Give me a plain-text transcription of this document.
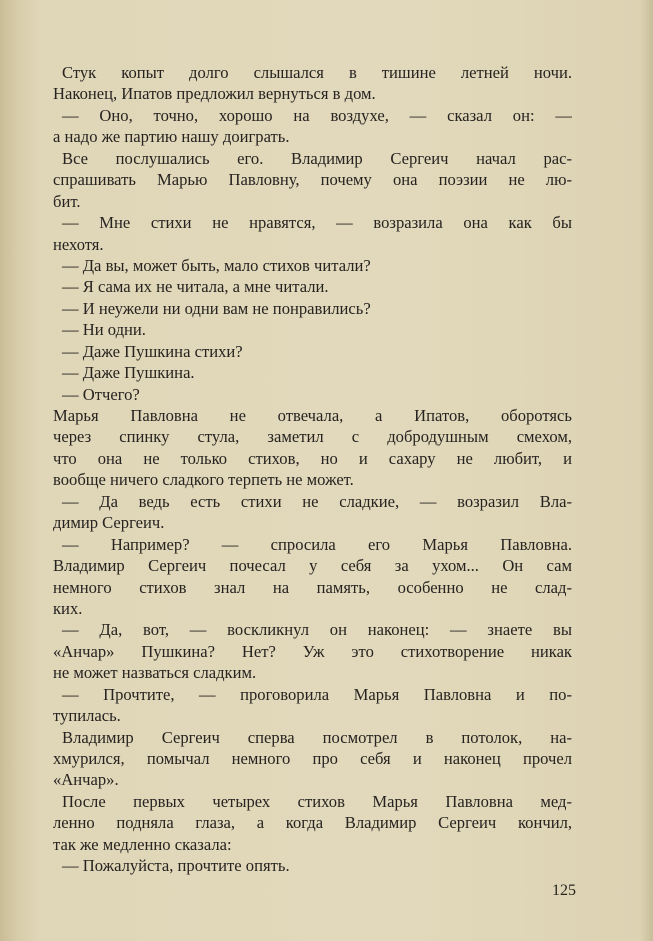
Стук копыт долго слышался в тишине летней ночи.
Наконец, Ипатов предложил вернуться в дом.
— Оно, точно, хорошо на воздухе, — сказал он: —
а надо же партию нашу доиграть.
Все послушались его. Владимир Сергеич начал рас-
спрашивать Марью Павловну, почему она поэзии не лю-
бит.
— Мне стихи не нравятся, — возразила она как бы
нехотя.
— Да вы, может быть, мало стихов читали?
— Я сама их не читала, а мне читали.
— И неужели ни одни вам не понравились?
— Ни одни.
— Даже Пушкина стихи?
— Даже Пушкина.
— Отчего?
Марья Павловна не отвечала, а Ипатов, оборотясь
через спинку стула, заметил с добродушным смехом,
что она не только стихов, но и сахару не любит, и
вообще ничего сладкого терпеть не может.
— Да ведь есть стихи не сладкие, — возразил Вла-
димир Сергеич.
— Например? — спросила его Марья Павловна.
Владимир Сергеич почесал у себя за ухом... Он сам
немного стихов знал на память, особенно не слад-
ких.
— Да, вот, — воскликнул он наконец: — знаете вы
«Анчар» Пушкина? Нет? Уж это стихотворение никак
не может назваться сладким.
— Прочтите, — проговорила Марья Павловна и по-
тупилась.
Владимир Сергеич сперва посмотрел в потолок, на-
хмурился, помычал немного про себя и наконец прочел
«Анчар».
После первых четырех стихов Марья Павловна мед-
ленно подняла глаза, а когда Владимир Сергеич кончил,
так же медленно сказала:
— Пожалуйста, прочтите опять.
125
